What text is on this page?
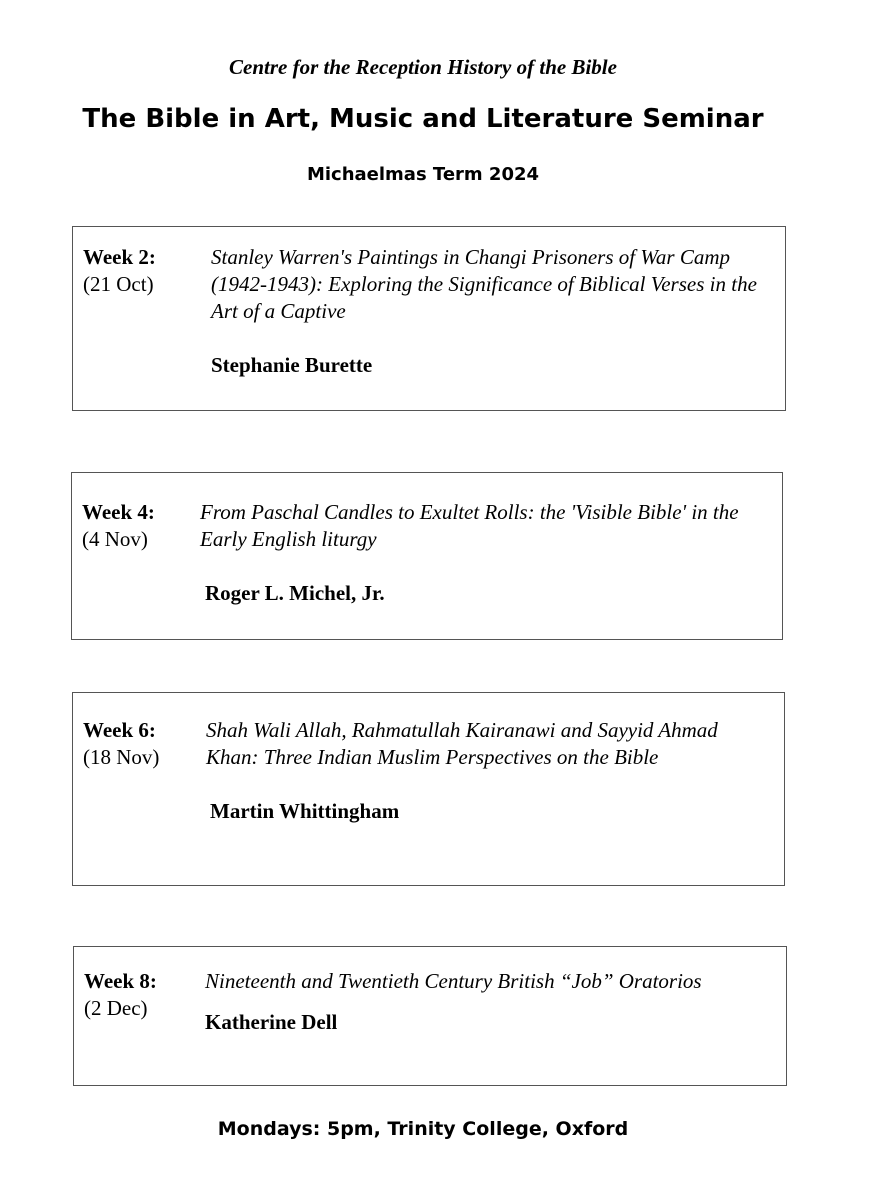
Centre for the Reception History of the Bible
The Bible in Art, Music and Literature Seminar
Michaelmas Term 2024
Week 2:
(21 Oct)
Stanley Warren's Paintings in Changi Prisoners of War Camp (1942-1943): Exploring the Significance of Biblical Verses in the Art of a Captive
Stephanie Burette
Week 4:
(4 Nov)
From Paschal Candles to Exultet Rolls: the 'Visible Bible' in the Early English liturgy
Roger L. Michel, Jr.
Week 6:
(18 Nov)
Shah Wali Allah, Rahmatullah Kairanawi and Sayyid Ahmad Khan: Three Indian Muslim Perspectives on the Bible
Martin Whittingham
Week 8:
(2 Dec)
Nineteenth and Twentieth Century British “Job” Oratorios
Katherine Dell
Mondays: 5pm, Trinity College, Oxford
